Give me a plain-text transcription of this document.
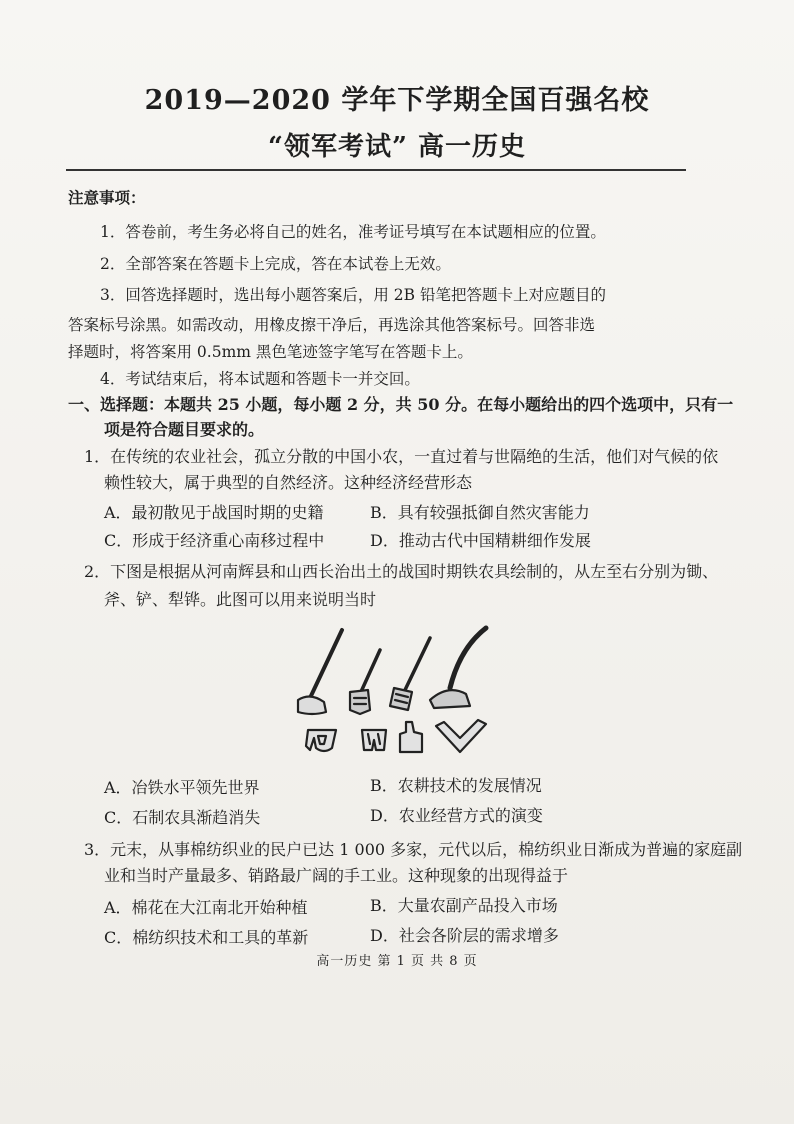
2019—2020 学年下学期全国百强名校
“领军考试” 高一历史
注意事项：
1．答卷前，考生务必将自己的姓名，准考证号填写在本试题相应的位置。
2．全部答案在答题卡上完成，答在本试卷上无效。
3．回答选择题时，选出每小题答案后，用 2B 铅笔把答题卡上对应题目的
答案标号涂黑。如需改动，用橡皮擦干净后，再选涂其他答案标号。回答非选
择题时，将答案用 0.5mm 黑色笔迹签字笔写在答题卡上。
4．考试结束后，将本试题和答题卡一并交回。
一、选择题：本题共 25 小题，每小题 2 分，共 50 分。在每小题给出的四个选项中，只有一
项是符合题目要求的。
1．在传统的农业社会，孤立分散的中国小农，一直过着与世隔绝的生活，他们对气候的依
赖性较大，属于典型的自然经济。这种经济经营形态
A．最初散见于战国时期的史籍	B．具有较强抵御自然灾害能力
C．形成于经济重心南移过程中	D．推动古代中国精耕细作发展
2．下图是根据从河南辉县和山西长治出土的战国时期铁农具绘制的，从左至右分别为锄、
斧、铲、犁铧。此图可以用来说明当时
A．冶铁水平领先世界	B．农耕技术的发展情况
C．石制农具渐趋消失	D．农业经营方式的演变
3．元末，从事棉纺织业的民户已达 1 000 多家，元代以后，棉纺织业日渐成为普遍的家庭副
业和当时产量最多、销路最广阔的手工业。这种现象的出现得益于
A．棉花在大江南北开始种植	B．大量农副产品投入市场
C．棉纺织技术和工具的革新	D．社会各阶层的需求增多
高一历史 第 1 页 共 8 页
